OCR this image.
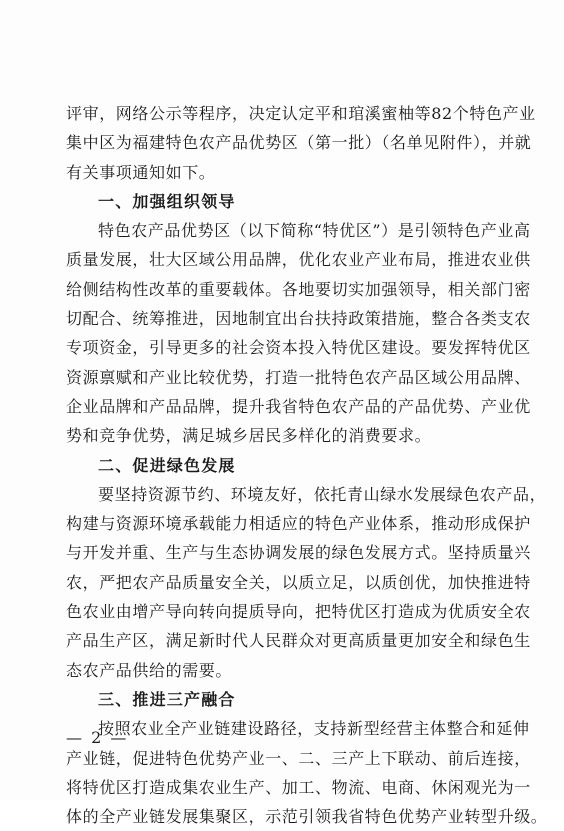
评审，网络公示等程序，决定认定平和琯溪蜜柚等82个特色产业
集中区为福建特色农产品优势区（第一批）（名单见附件），并就
有关事项通知如下。
一、加强组织领导
特色农产品优势区（以下简称“特优区”）是引领特色产业高
质量发展，壮大区域公用品牌，优化农业产业布局，推进农业供
给侧结构性改革的重要载体。各地要切实加强领导，相关部门密
切配合、统筹推进，因地制宜出台扶持政策措施，整合各类支农
专项资金，引导更多的社会资本投入特优区建设。要发挥特优区
资源禀赋和产业比较优势，打造一批特色农产品区域公用品牌、
企业品牌和产品品牌，提升我省特色农产品的产品优势、产业优
势和竞争优势，满足城乡居民多样化的消费要求。
二、促进绿色发展
要坚持资源节约、环境友好，依托青山绿水发展绿色农产品，
构建与资源环境承载能力相适应的特色产业体系，推动形成保护
与开发并重、生产与生态协调发展的绿色发展方式。坚持质量兴
农，严把农产品质量安全关，以质立足，以质创优，加快推进特
色农业由增产导向转向提质导向，把特优区打造成为优质安全农
产品生产区，满足新时代人民群众对更高质量更加安全和绿色生
态农产品供给的需要。
三、推进三产融合
按照农业全产业链建设路径，支持新型经营主体整合和延伸
产业链，促进特色优势产业一、二、三产上下联动、前后连接，
将特优区打造成集农业生产、加工、物流、电商、休闲观光为一
体的全产业链发展集聚区，示范引领我省特色优势产业转型升级。
— 2 —
